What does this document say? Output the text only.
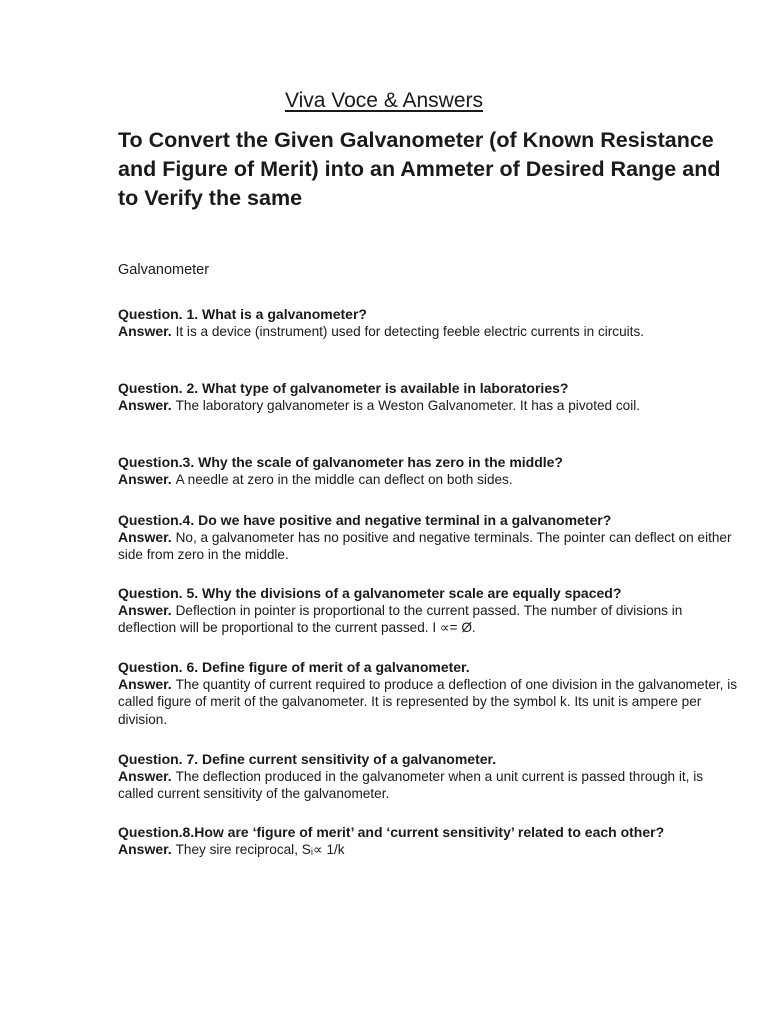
Viva Voce & Answers
To Convert the Given Galvanometer (of Known Resistance and Figure of Merit) into an Ammeter of Desired Range and to Verify the same

Galvanometer

Question. 1. What is a galvanometer?
Answer. It is a device (instrument) used for detecting feeble electric currents in circuits.
Question. 2. What type of galvanometer is available in laboratories?
Answer. The laboratory galvanometer is a Weston Galvanometer. It has a pivoted coil.
Question.3. Why the scale of galvanometer has zero in the middle?
Answer. A needle at zero in the middle can deflect on both sides.
Question.4. Do we have positive and negative terminal in a galvanometer?
Answer. No, a galvanometer has no positive and negative terminals. The pointer can deflect on either side from zero in the middle.
Question. 5. Why the divisions of a galvanometer scale are equally spaced?
Answer. Deflection in pointer is proportional to the current passed. The number of divisions in deflection will be proportional to the current passed. I ∝= Ø.
Question. 6. Define figure of merit of a galvanometer.
Answer. The quantity of current required to produce a deflection of one division in the galvanometer, is called figure of merit of the galvanometer. It is represented by the symbol k. Its unit is ampere per division.
Question. 7. Define current sensitivity of a galvanometer.
Answer. The deflection produced in the galvanometer when a unit current is passed through it, is called current sensitivity of the galvanometer.
Question.8.How are ‘figure of merit’ and ‘current sensitivity’ related to each other?
Answer. They sire reciprocal, Sᵢ∝ 1/k
